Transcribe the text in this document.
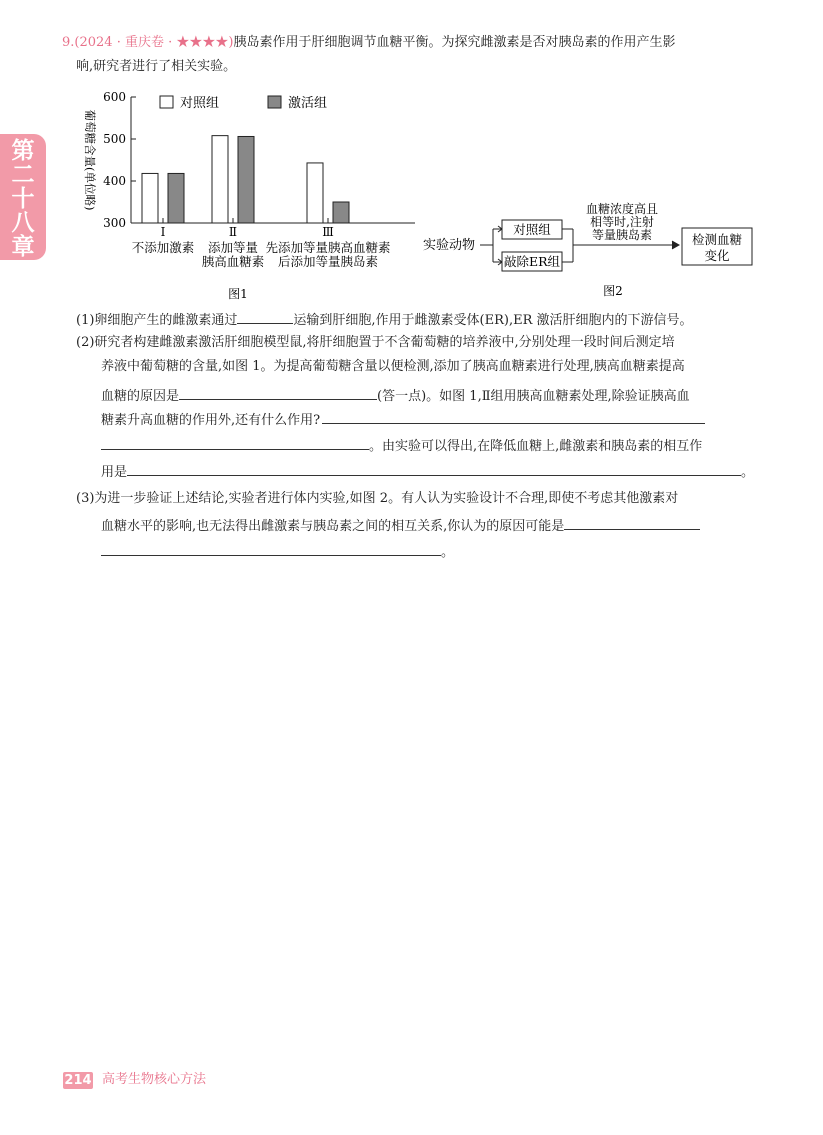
第
二
十
八
章
9.(2024 · 重庆卷 · ★★★★)胰岛素作用于肝细胞调节血糖平衡。为探究雌激素是否对胰岛素的作用产生影
响,研究者进行了相关实验。
葡萄糖含量(单位略)
300
400
500
600
Ⅰ
不添加激素
Ⅱ
添加等量
胰高血糖素
Ⅲ
先添加等量胰高血糖素
后添加等量胰岛素
对照组	激活组
图1
实验动物
对照组
敲除ER组
血糖浓度高且
相等时,注射
等量胰岛素	检测血糖
变化
图2
(1)卵细胞产生的雌激素通过	运输到肝细胞,作用于雌激素受体(ER),ER 激活肝细胞内的下游信号。
(2)研究者构建雌激素激活肝细胞模型鼠,将肝细胞置于不含葡萄糖的培养液中,分别处理一段时间后测定培
养液中葡萄糖的含量,如图 1。为提高葡萄糖含量以便检测,添加了胰高血糖素进行处理,胰高血糖素提高
血糖的原因是	(答一点)。如图 1,Ⅱ组用胰高血糖素处理,除验证胰高血
糖素升高血糖的作用外,还有什么作用?
。由实验可以得出,在降低血糖上,雌激素和胰岛素的相互作
用是	。
(3)为进一步验证上述结论,实验者进行体内实验,如图 2。有人认为实验设计不合理,即使不考虑其他激素对
血糖水平的影响,也无法得出雌激素与胰岛素之间的相互关系,你认为的原因可能是
。
214 高考生物核心方法
